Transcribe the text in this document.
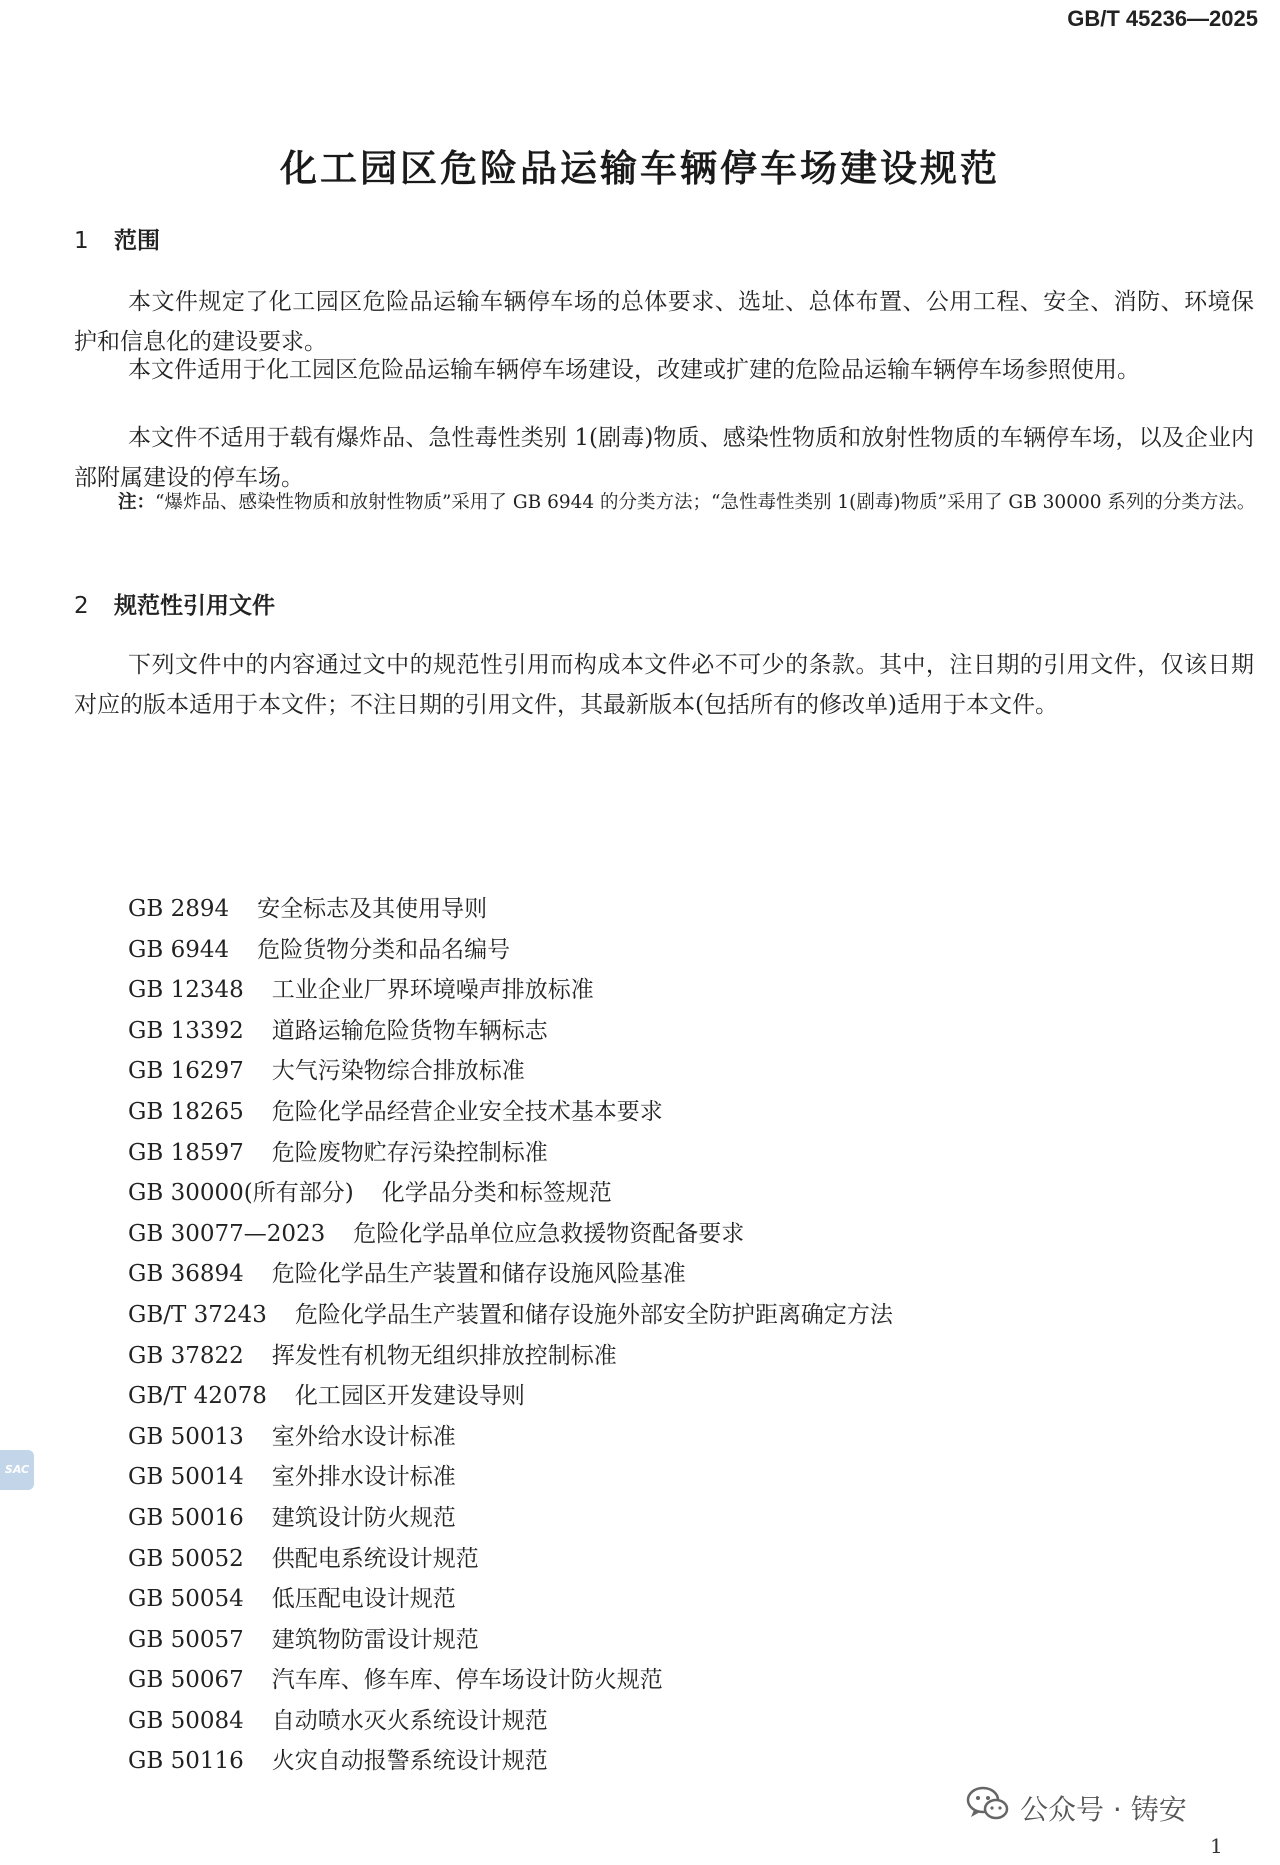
GB/T 45236—2025
化工园区危险品运输车辆停车场建设规范
1 范围
本文件规定了化工园区危险品运输车辆停车场的总体要求、选址、总体布置、公用工程、安全、消防、环境保护和信息化的建设要求。
本文件适用于化工园区危险品运输车辆停车场建设，改建或扩建的危险品运输车辆停车场参照使用。
本文件不适用于载有爆炸品、急性毒性类别 1(剧毒)物质、感染性物质和放射性物质的车辆停车场，以及企业内部附属建设的停车场。
注：“爆炸品、感染性物质和放射性物质”采用了 GB 6944 的分类方法；“急性毒性类别 1(剧毒)物质”采用了 GB 30000 系列的分类方法。
2 规范性引用文件
下列文件中的内容通过文中的规范性引用而构成本文件必不可少的条款。其中，注日期的引用文件，仅该日期对应的版本适用于本文件；不注日期的引用文件，其最新版本(包括所有的修改单)适用于本文件。
GB 2894 安全标志及其使用导则
GB 6944 危险货物分类和品名编号
GB 12348 工业企业厂界环境噪声排放标准
GB 13392 道路运输危险货物车辆标志
GB 16297 大气污染物综合排放标准
GB 18265 危险化学品经营企业安全技术基本要求
GB 18597 危险废物贮存污染控制标准
GB 30000(所有部分) 化学品分类和标签规范
GB 30077—2023 危险化学品单位应急救援物资配备要求
GB 36894 危险化学品生产装置和储存设施风险基准
GB/T 37243 危险化学品生产装置和储存设施外部安全防护距离确定方法
GB 37822 挥发性有机物无组织排放控制标准
GB/T 42078 化工园区开发建设导则
GB 50013 室外给水设计标准
GB 50014 室外排水设计标准
GB 50016 建筑设计防火规范
GB 50052 供配电系统设计规范
GB 50054 低压配电设计规范
GB 50057 建筑物防雷设计规范
GB 50067 汽车库、修车库、停车场设计防火规范
GB 50084 自动喷水灭火系统设计规范
GB 50116 火灾自动报警系统设计规范
SAC
公众号 · 铸安
1
